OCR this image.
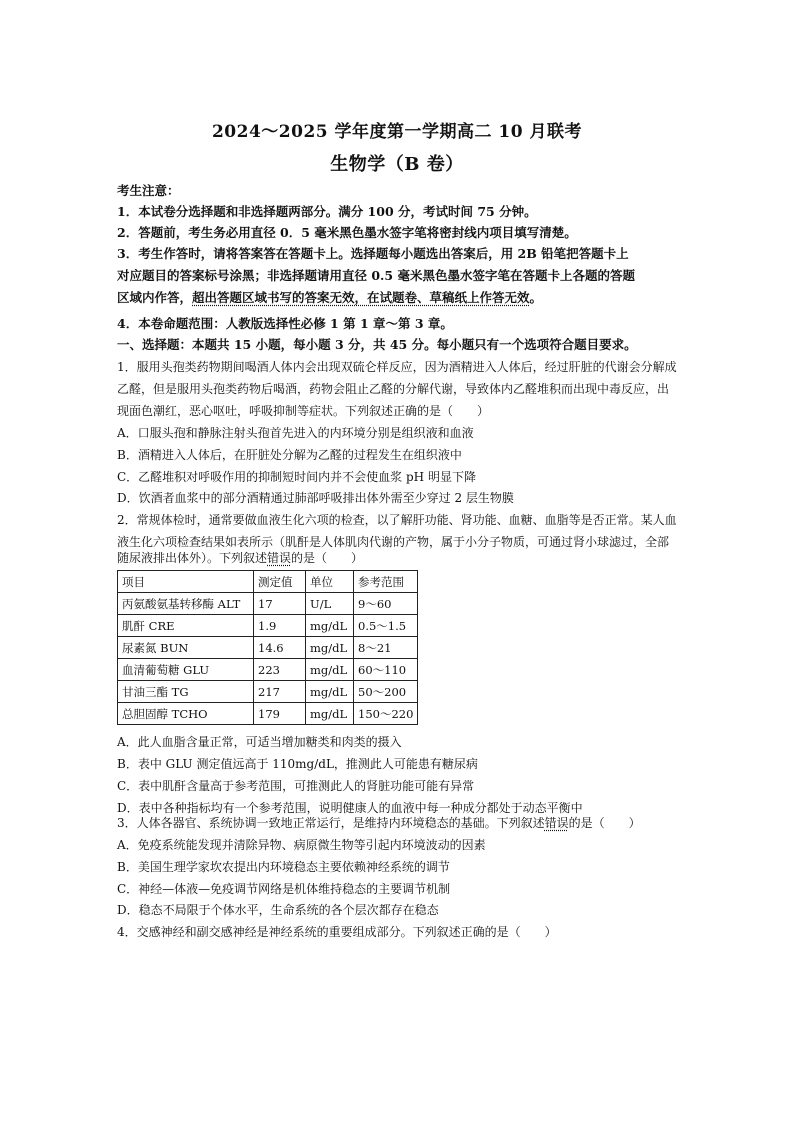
2024～2025 学年度第一学期高二 10 月联考
生物学（B 卷）
考生注意：
1．本试卷分选择题和非选择题两部分。满分 100 分，考试时间 75 分钟。
2．答题前，考生务必用直径 0．5 毫米黑色墨水签字笔将密封线内项目填写清楚。
3．考生作答时，请将答案答在答题卡上。选择题每小题选出答案后，用 2B 铅笔把答题卡上
对应题目的答案标号涂黑；非选择题请用直径 0.5 毫米黑色墨水签字笔在答题卡上各题的答题
区域内作答，超出答题区域书写的答案无效，在试题卷、草稿纸上作答无效。
4．本卷命题范围：人教版选择性必修 1 第 1 章～第 3 章。
一、选择题：本题共 15 小题，每小题 3 分，共 45 分。每小题只有一个选项符合题目要求。
1．服用头孢类药物期间喝酒人体内会出现双硫仑样反应，因为酒精进入人体后，经过肝脏的代谢会分解成
乙醛，但是服用头孢类药物后喝酒，药物会阻止乙醛的分解代谢，导致体内乙醛堆积而出现中毒反应，出
现面色潮红，恶心呕吐，呼吸抑制等症状。下列叙述正确的是（　　）
A．口服头孢和静脉注射头孢首先进入的内环境分别是组织液和血液
B．酒精进入人体后，在肝脏处分解为乙醛的过程发生在组织液中
C．乙醛堆积对呼吸作用的抑制短时间内并不会使血浆 pH 明显下降
D．饮酒者血浆中的部分酒精通过肺部呼吸排出体外需至少穿过 2 层生物膜
2．常规体检时，通常要做血液生化六项的检查，以了解肝功能、肾功能、血糖、血脂等是否正常。某人血
液生化六项检查结果如表所示（肌酐是人体肌肉代谢的产物，属于小分子物质，可通过肾小球滤过，全部
随尿液排出体外）。下列叙述错误的是（　　）
项目	测定值	单位	参考范围
丙氨酸氨基转移酶 ALT	17	U/L	9～60
肌酐 CRE	1.9	mg/dL	0.5～1.5
尿素氮 BUN	14.6	mg/dL	8～21
血清葡萄糖 GLU	223	mg/dL	60～110
甘油三酯 TG	217	mg/dL	50～200
总胆固醇 TCHO	179	mg/dL	150～220
A．此人血脂含量正常，可适当增加糖类和肉类的摄入
B．表中 GLU 测定值远高于 110mg/dL，推测此人可能患有糖尿病
C．表中肌酐含量高于参考范围，可推测此人的肾脏功能可能有异常
D．表中各种指标均有一个参考范围，说明健康人的血液中每一种成分都处于动态平衡中
3．人体各器官、系统协调一致地正常运行，是维持内环境稳态的基础。下列叙述错误的是（　　）
A．免疫系统能发现并清除异物、病原微生物等引起内环境波动的因素
B．美国生理学家坎农提出内环境稳态主要依赖神经系统的调节
C．神经—体液—免疫调节网络是机体维持稳态的主要调节机制
D．稳态不局限于个体水平，生命系统的各个层次都存在稳态
4．交感神经和副交感神经是神经系统的重要组成部分。下列叙述正确的是（　　）
